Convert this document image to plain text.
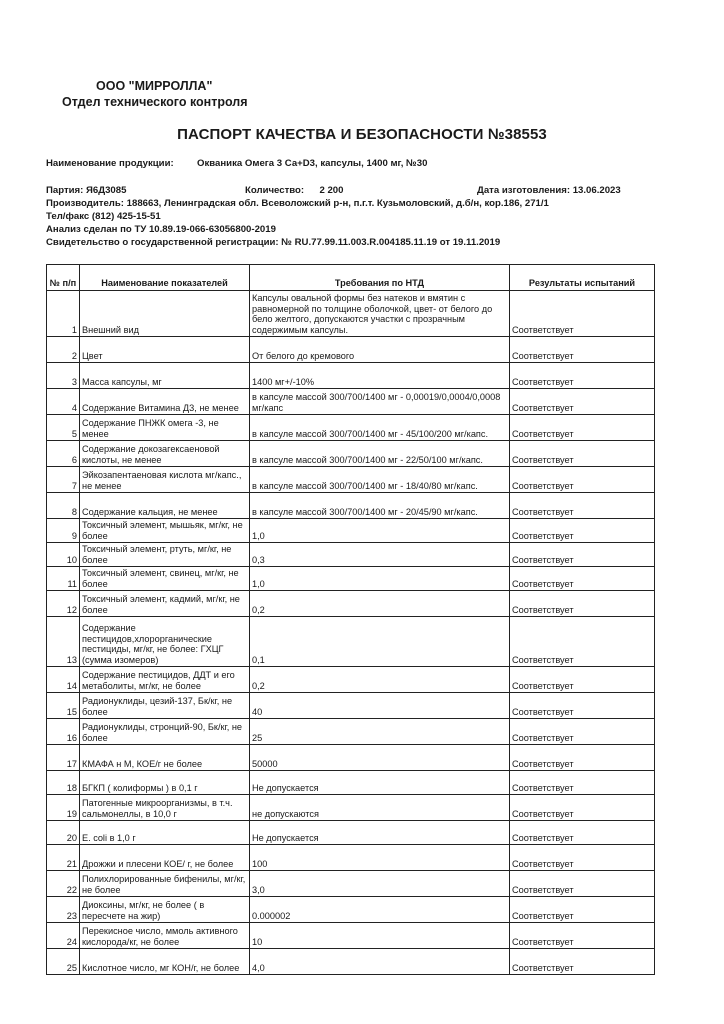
ООО "МИРРОЛЛА"
Отдел технического контроля
ПАСПОРТ КАЧЕСТВА И БЕЗОПАСНОСТИ №38553
Наименование продукции: Окваника Омега 3 Са+D3, капсулы, 1400 мг, №30
Партия: Я6Д3085	Количество: 2 200	Дата изготовления: 13.06.2023
Производитель: 188663, Ленинградская обл. Всеволожский р-н, п.г.т. Кузьмоловский, д.б/н, кор.186, 271/1
Тел/факс (812) 425-15-51
Анализ сделан по ТУ 10.89.19-066-63056800-2019
Свидетельство о государственной регистрации: № RU.77.99.11.003.R.004185.11.19 от 19.11.2019
№ п/п	Наименование показателей	Требования по НТД	Результаты испытаний
1	Внешний вид	Капсулы овальной формы без натеков и вмятин с равномерной по толщине оболочкой, цвет- от белого до бело желтого, допускаются участки с прозрачным содержимым капсулы.	Соответствует
2	Цвет	От белого до кремового	Соответствует
3	Масса капсулы, мг	1400 мг+/-10%	Соответствует
4	Содержание Витамина Д3, не менее	в капсуле массой 300/700/1400 мг - 0,00019/0,0004/0,0008 мг/капс	Соответствует
5	Содержание ПНЖК омега -3, не менее	в капсуле массой 300/700/1400 мг - 45/100/200 мг/капс.	Соответствует
6	Содержание докозагексаеновой кислоты, не менее	в капсуле массой 300/700/1400 мг - 22/50/100 мг/капс.	Соответствует
7	Эйкозапентаеновая кислота мг/капс., не менее	в капсуле массой 300/700/1400 мг - 18/40/80 мг/капс.	Соответствует
8	Содержание кальция, не менее	в капсуле массой 300/700/1400 мг - 20/45/90 мг/капс.	Соответствует
9	Токсичный элемент, мышьяк, мг/кг, не более	1,0	Соответствует
10	Токсичный элемент, ртуть, мг/кг, не более	0,3	Соответствует
11	Токсичный элемент, свинец, мг/кг, не более	1,0	Соответствует
12	Токсичный элемент, кадмий, мг/кг, не более	0,2	Соответствует
13	Содержание пестицидов,хлорорганические пестициды, мг/кг, не более: ГХЦГ (сумма изомеров)	0,1	Соответствует
14	Содержание пестицидов, ДДТ и его метаболиты, мг/кг, не более	0,2	Соответствует
15	Радионуклиды, цезий-137, Бк/кг, не более	40	Соответствует
16	Радионуклиды, стронций-90, Бк/кг, не более	25	Соответствует
17	КМАФА н М, КОЕ/г не более	50000	Соответствует
18	БГКП ( колиформы ) в 0,1 г	Не допускается	Соответствует
19	Патогенные микроорганизмы, в т.ч. сальмонеллы, в 10,0 г	не допускаются	Соответствует
20	E. coli в 1,0 г	Не допускается	Соответствует
21	Дрожжи и плесени КОЕ/ г, не более	100	Соответствует
22	Полихлорированные бифенилы, мг/кг, не более	3,0	Соответствует
23	Диоксины, мг/кг, не более ( в пересчете на жир)	0.000002	Соответствует
24	Перекисное число, ммоль активного кислорода/кг, не более	10	Соответствует
25	Кислотное число, мг КОН/г, не более	4,0	Соответствует
